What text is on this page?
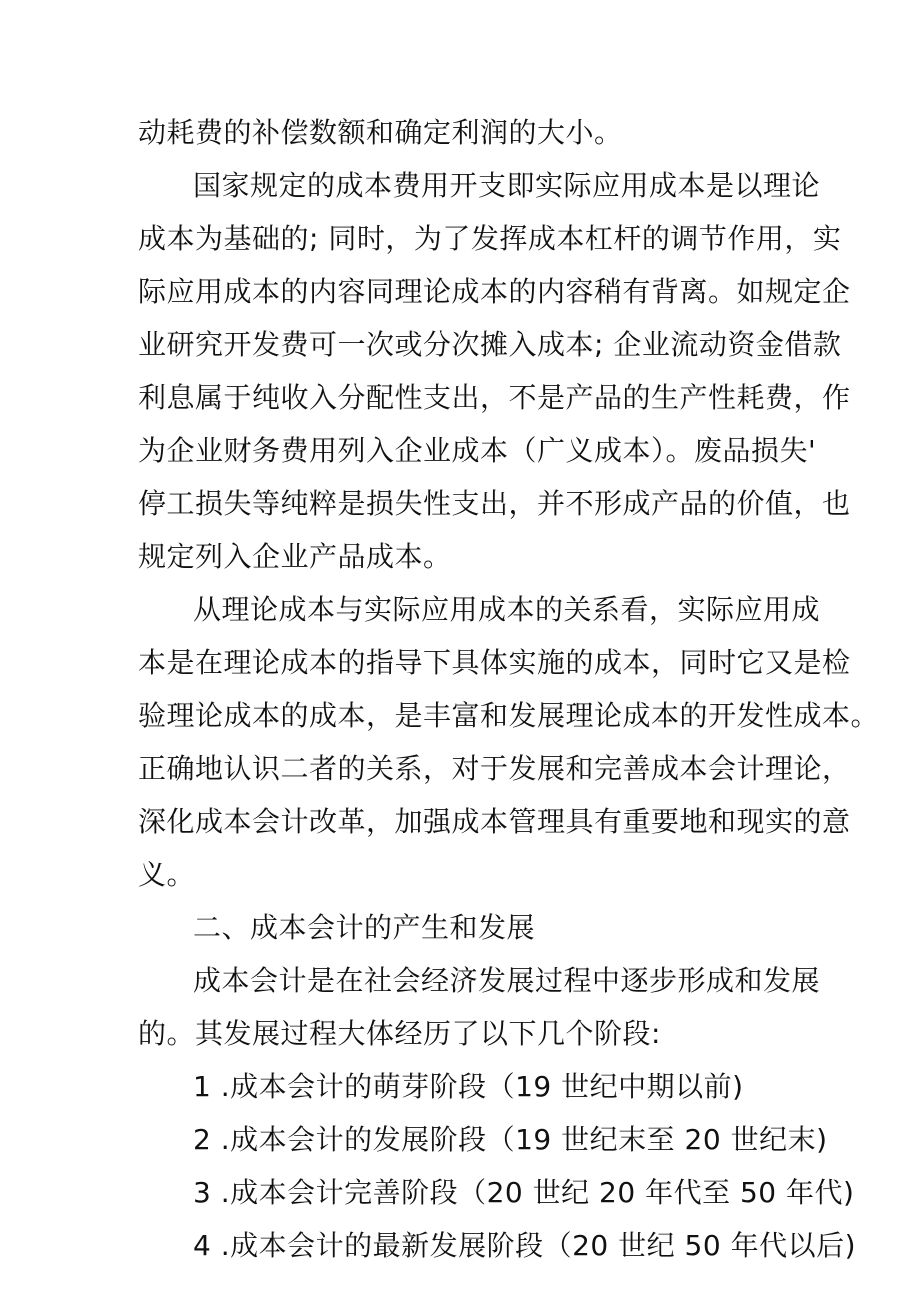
动耗费的补偿数额和确定利润的大小。
国家规定的成本费用开支即实际应用成本是以理论
成本为基础的; 同时，为了发挥成本杠杆的调节作用，实
际应用成本的内容同理论成本的内容稍有背离。如规定企
业研究开发费可一次或分次摊入成本; 企业流动资金借款
利息属于纯收入分配性支出，不是产品的生产性耗费，作
为企业财务费用列入企业成本（广义成本）。废品损失'
停工损失等纯粹是损失性支出，并不形成产品的价值，也
规定列入企业产品成本。
从理论成本与实际应用成本的关系看，实际应用成
本是在理论成本的指导下具体实施的成本，同时它又是检
验理论成本的成本，是丰富和发展理论成本的开发性成本。
正确地认识二者的关系，对于发展和完善成本会计理论，
深化成本会计改革，加强成本管理具有重要地和现实的意
义。
二、成本会计的产生和发展
成本会计是在社会经济发展过程中逐步形成和发展
的。其发展过程大体经历了以下几个阶段:
1 .成本会计的萌芽阶段（19 世纪中期以前)
2 .成本会计的发展阶段（19 世纪末至 20 世纪末)
3 .成本会计完善阶段（20 世纪 20 年代至 50 年代)
4 .成本会计的最新发展阶段（20 世纪 50 年代以后)
